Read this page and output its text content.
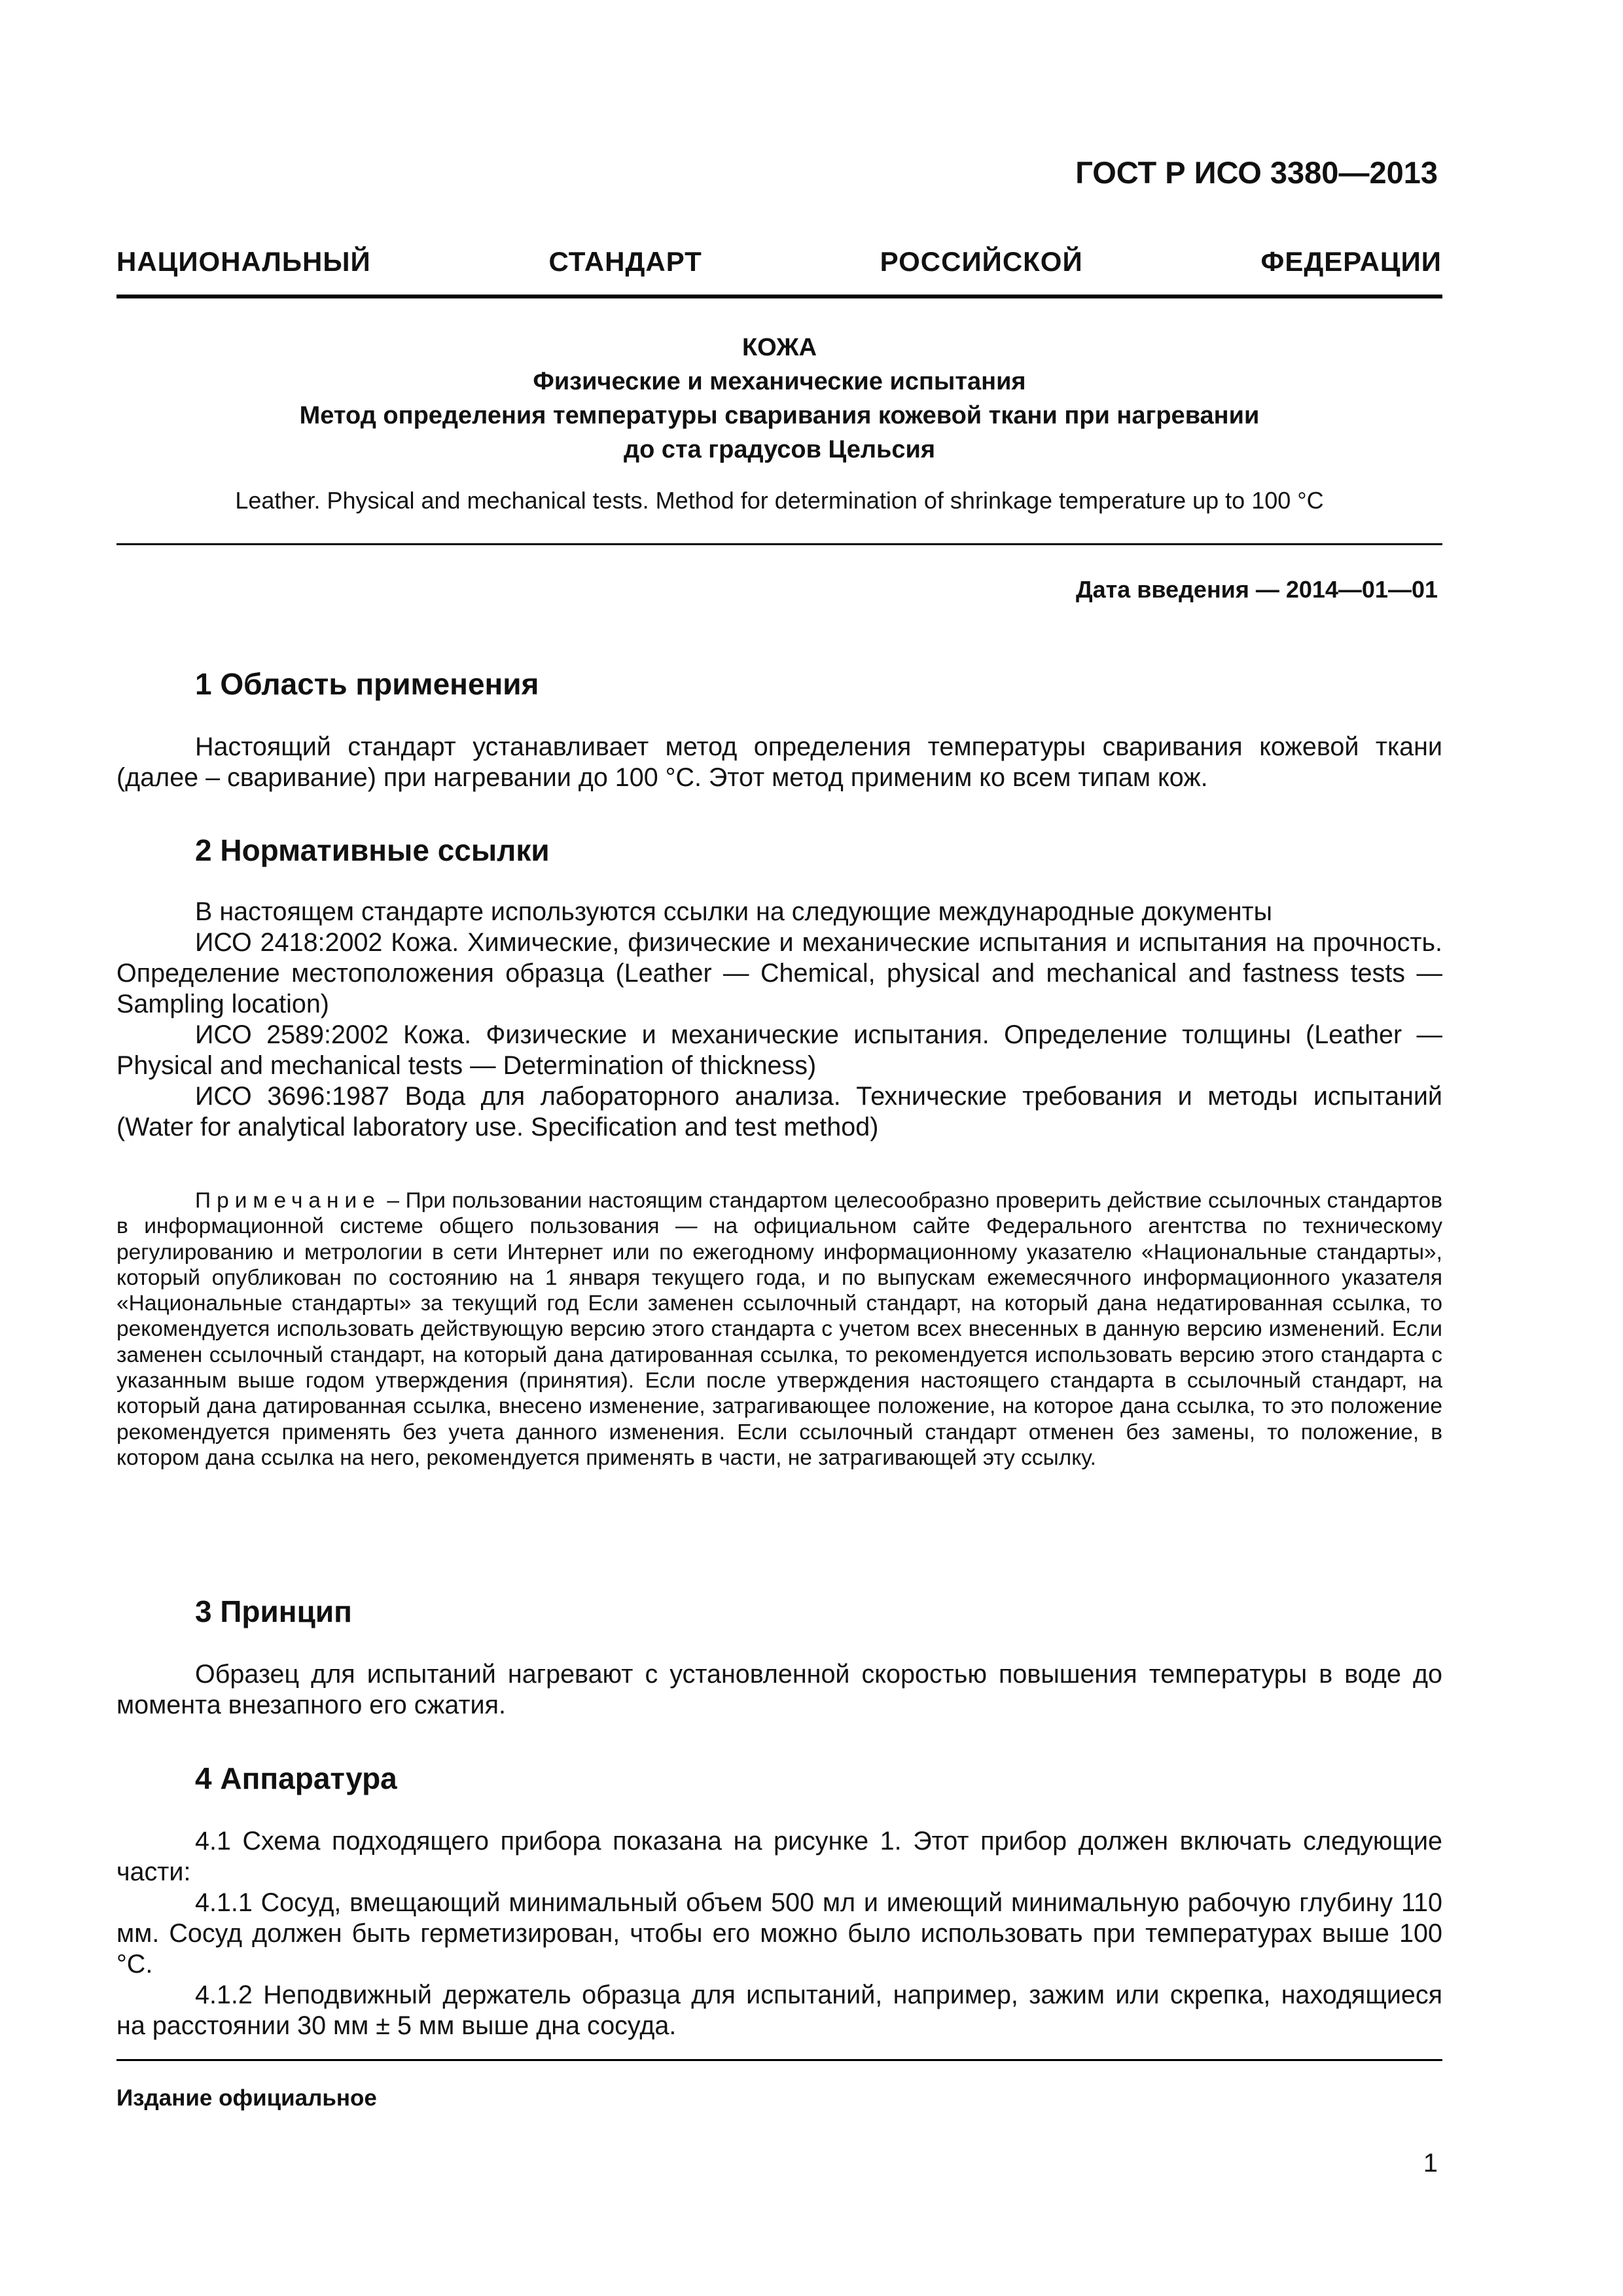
ГОСТ Р ИСО 3380—2013
НАЦИОНАЛЬНЫЙ СТАНДАРТ РОССИЙСКОЙ ФЕДЕРАЦИИ
КОЖА
Физические и механические испытания
Метод определения температуры сваривания кожевой ткани при нагревании
до ста градусов Цельсия
Leather. Physical and mechanical tests. Method for determination of shrinkage temperature up to 100 °C
Дата введения — 2014—01—01
1 Область применения

Настоящий стандарт устанавливает метод определения температуры сваривания кожевой ткани (далее – сваривание) при нагревании до 100 °С. Этот метод применим ко всем типам кож.

2 Нормативные ссылки

В настоящем стандарте используются ссылки на следующие международные документы

ИСО 2418:2002 Кожа. Химические, физические и механические испытания и испытания на прочность. Определение местоположения образца (Leather — Chemical, physical and mechanical and fastness tests — Sampling location)

ИСО 2589:2002 Кожа. Физические и механические испытания. Определение толщины (Leather — Physical and mechanical tests — Determination of thickness)

ИСО 3696:1987 Вода для лабораторного анализа. Технические требования и методы испытаний (Water for analytical laboratory use. Specification and test method)

Примечание – При пользовании настоящим стандартом целесообразно проверить действие ссылочных стандартов в информационной системе общего пользования — на официальном сайте Федерального агентства по техническому регулированию и метрологии в сети Интернет или по ежегодному информационному указателю «Национальные стандарты», который опубликован по состоянию на 1 января текущего года, и по выпускам ежемесячного информационного указателя «Национальные стандарты» за текущий год Если заменен ссылочный стандарт, на который дана недатированная ссылка, то рекомендуется использовать действующую версию этого стандарта с учетом всех внесенных в данную версию изменений. Если заменен ссылочный стандарт, на который дана датированная ссылка, то рекомендуется использовать версию этого стандарта с указанным выше годом утверждения (принятия). Если после утверждения настоящего стандарта в ссылочный стандарт, на который дана датированная ссылка, внесено изменение, затрагивающее положение, на которое дана ссылка, то это положение рекомендуется применять без учета данного изменения. Если ссылочный стандарт отменен без замены, то положение, в котором дана ссылка на него, рекомендуется применять в части, не затрагивающей эту ссылку.
3 Принцип

Образец для испытаний нагревают с установленной скоростью повышения температуры в воде до момента внезапного его сжатия.

4 Аппаратура

4.1 Схема подходящего прибора показана на рисунке 1. Этот прибор должен включать следующие части:

4.1.1 Сосуд, вмещающий минимальный объем 500 мл и имеющий минимальную рабочую глубину 110 мм. Сосуд должен быть герметизирован, чтобы его можно было использовать при температурах выше 100 °С.

4.1.2 Неподвижный держатель образца для испытаний, например, зажим или скрепка, находящиеся на расстоянии 30 мм ± 5 мм выше дна сосуда.

Издание официальное
1
